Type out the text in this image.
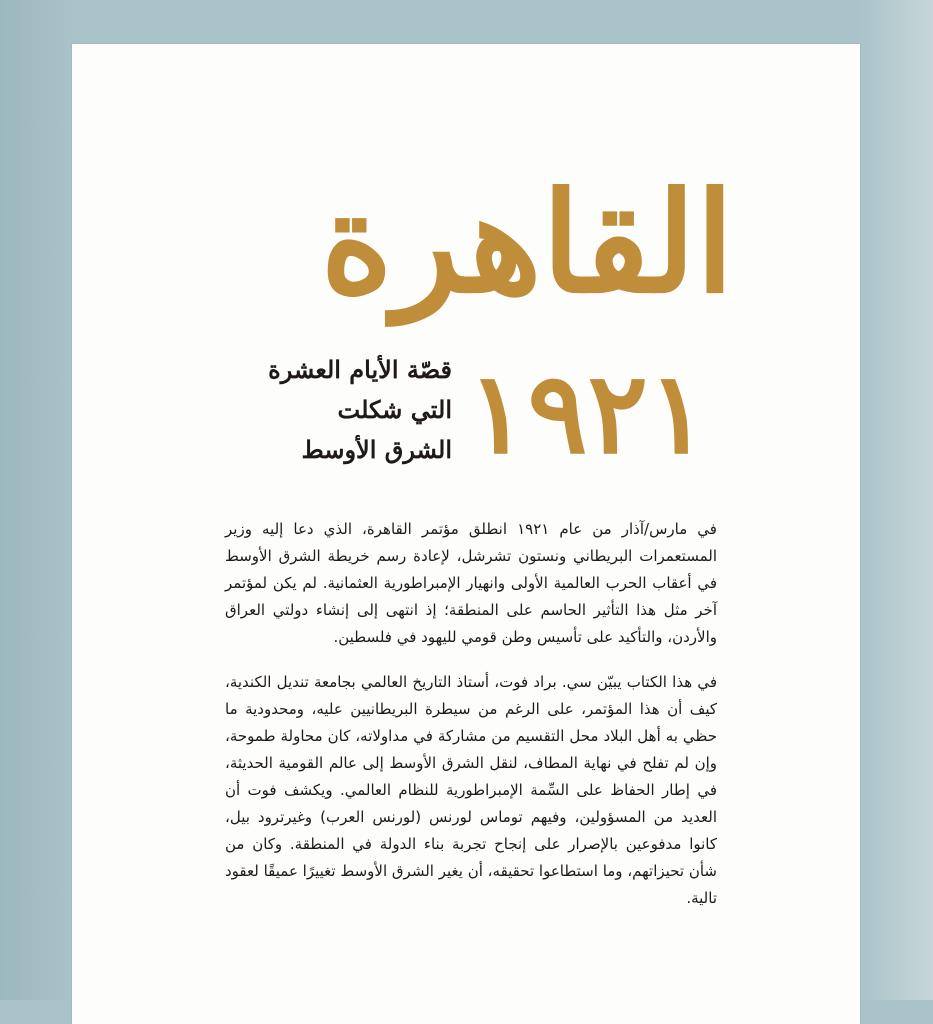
القاهرة
١٩٢١
قصّة الأيام العشرة
التي شكلت
الشرق الأوسط

في مارس/آذار من عام ١٩٢١ انطلق مؤتمر القاهرة، الذي دعا إليه وزير المستعمرات البريطاني ونستون تشرشل، لإعادة رسم خريطة الشرق الأوسط في أعقاب الحرب العالمية الأولى وانهيار الإمبراطورية العثمانية. لم يكن لمؤتمر آخر مثل هذا التأثير الحاسم على المنطقة؛ إذ انتهى إلى إنشاء دولتي العراق والأردن، والتأكيد على تأسيس وطن قومي لليهود في فلسطين.

في هذا الكتاب يبيّن سي. براد فوت، أستاذ التاريخ العالمي بجامعة تنديل الكندية، كيف أن هذا المؤتمر، على الرغم من سيطرة البريطانيين عليه، ومحدودية ما حظي به أهل البلاد محل التقسيم من مشاركة في مداولاته، كان محاولة طموحة، وإن لم تفلح في نهاية المطاف، لنقل الشرق الأوسط إلى عالم القومية الحديثة، في إطار الحفاظ على السِّمة الإمبراطورية للنظام العالمي. ويكشف فوت أن العديد من المسؤولين، وفيهم توماس لورنس (لورنس العرب) وغيرترود بيل، كانوا مدفوعين بالإصرار على إنجاح تجربة بناء الدولة في المنطقة. وكان من شأن تحيزاتهم، وما استطاعوا تحقيقه، أن يغير الشرق الأوسط تغييرًا عميقًا لعقود تالية.
